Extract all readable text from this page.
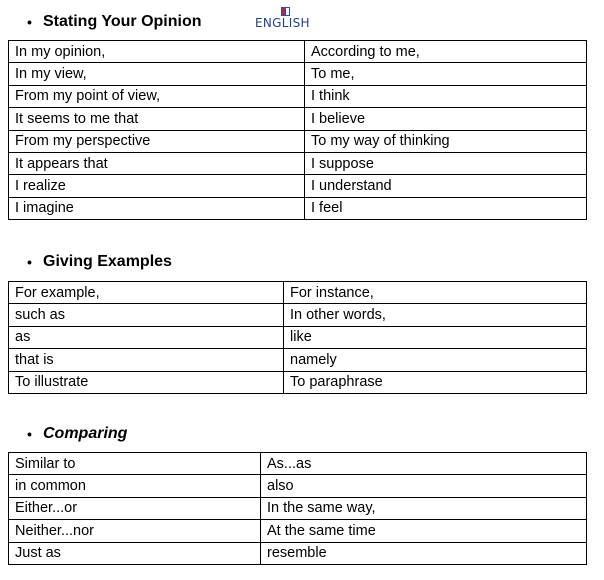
• Stating Your Opinion	ENGLISH
In my opinion,	According to me,
In my view,	To me,
From my point of view,	I think
It seems to me that	I believe
From my perspective	To my way of thinking
It appears that	I suppose
I realize	I understand
I imagine	I feel
• Giving Examples
For example,	For instance,
such as	In other words,
as	like
that is	namely
To illustrate	To paraphrase
• Comparing
Similar to	As...as
in common	also
Either...or	In the same way,
Neither...nor	At the same time
Just as	resemble
